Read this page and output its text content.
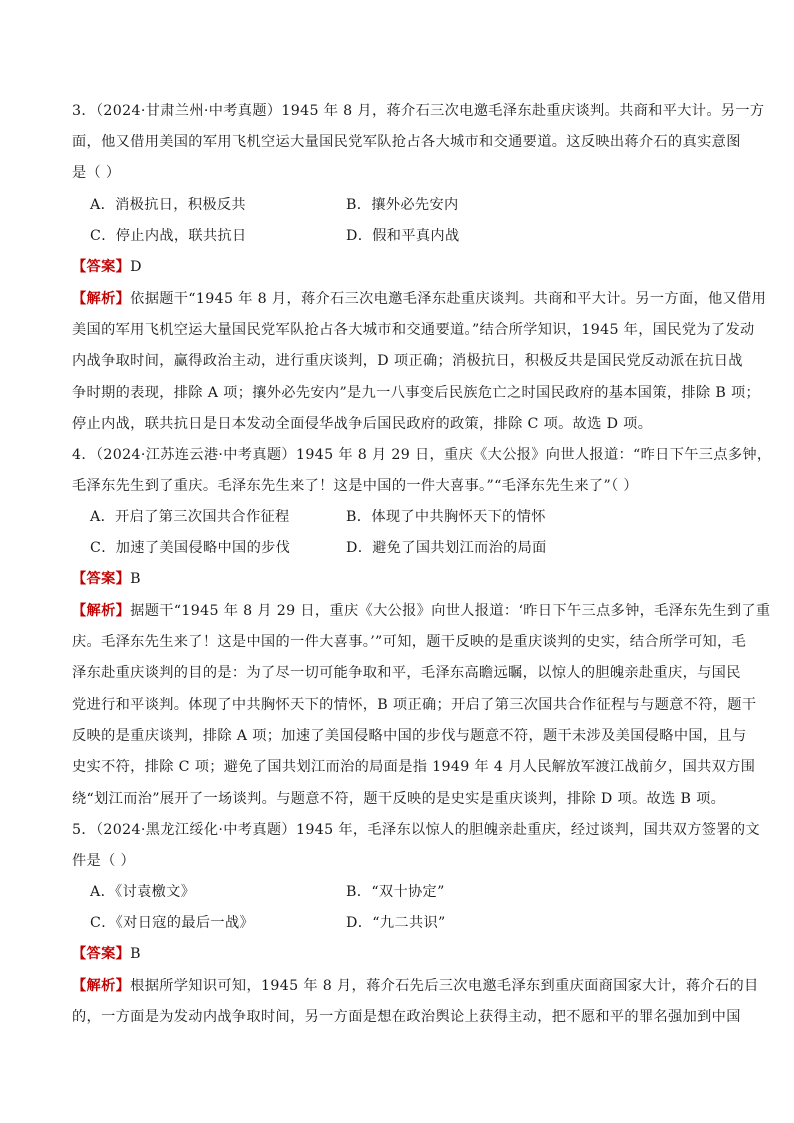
3．（2024·甘肃兰州·中考真题）1945 年 8 月，蒋介石三次电邀毛泽东赴重庆谈判。共商和平大计。另一方
面，他又借用美国的军用飞机空运大量国民党军队抢占各大城市和交通要道。这反映出蒋介石的真实意图
是（ ）
A．消极抗日，积极反共	B．攘外必先安内
C．停止内战，联共抗日	D．假和平真内战
【答案】D
【解析】依据题干“1945 年 8 月，蒋介石三次电邀毛泽东赴重庆谈判。共商和平大计。另一方面，他又借用
美国的军用飞机空运大量国民党军队抢占各大城市和交通要道。”结合所学知识，1945 年，国民党为了发动
内战争取时间，赢得政治主动，进行重庆谈判，D 项正确；消极抗日，积极反共是国民党反动派在抗日战
争时期的表现，排除 A 项；攘外必先安内”是九一八事变后民族危亡之时国民政府的基本国策，排除 B 项；
停止内战，联共抗日是日本发动全面侵华战争后国民政府的政策，排除 C 项。故选 D 项。
4．（2024·江苏连云港·中考真题）1945 年 8 月 29 日，重庆《大公报》向世人报道：“昨日下午三点多钟，
毛泽东先生到了重庆。毛泽东先生来了！这是中国的一件大喜事。”“毛泽东先生来了”（ ）
A．开启了第三次国共合作征程	B．体现了中共胸怀天下的情怀
C．加速了美国侵略中国的步伐	D．避免了国共划江而治的局面
【答案】B
【解析】据题干“1945 年 8 月 29 日，重庆《大公报》向世人报道：‘昨日下午三点多钟，毛泽东先生到了重
庆。毛泽东先生来了！这是中国的一件大喜事。’”可知，题干反映的是重庆谈判的史实，结合所学可知，毛
泽东赴重庆谈判的目的是：为了尽一切可能争取和平，毛泽东高瞻远瞩，以惊人的胆魄亲赴重庆，与国民
党进行和平谈判。体现了中共胸怀天下的情怀，B 项正确；开启了第三次国共合作征程与与题意不符，题干
反映的是重庆谈判，排除 A 项；加速了美国侵略中国的步伐与题意不符，题干未涉及美国侵略中国，且与
史实不符，排除 C 项；避免了国共划江而治的局面是指 1949 年 4 月人民解放军渡江战前夕，国共双方围
绕“划江而治”展开了一场谈判。与题意不符，题干反映的是史实是重庆谈判，排除 D 项。故选 B 项。
5．（2024·黑龙江绥化·中考真题）1945 年，毛泽东以惊人的胆魄亲赴重庆，经过谈判，国共双方签署的文
件是（ ）
A．《讨袁檄文》	B．“双十协定”
C．《对日寇的最后一战》	D．“九二共识”
【答案】B
【解析】根据所学知识可知，1945 年 8 月，蒋介石先后三次电邀毛泽东到重庆面商国家大计，蒋介石的目
的，一方面是为发动内战争取时间，另一方面是想在政治舆论上获得主动，把不愿和平的罪名强加到中国
